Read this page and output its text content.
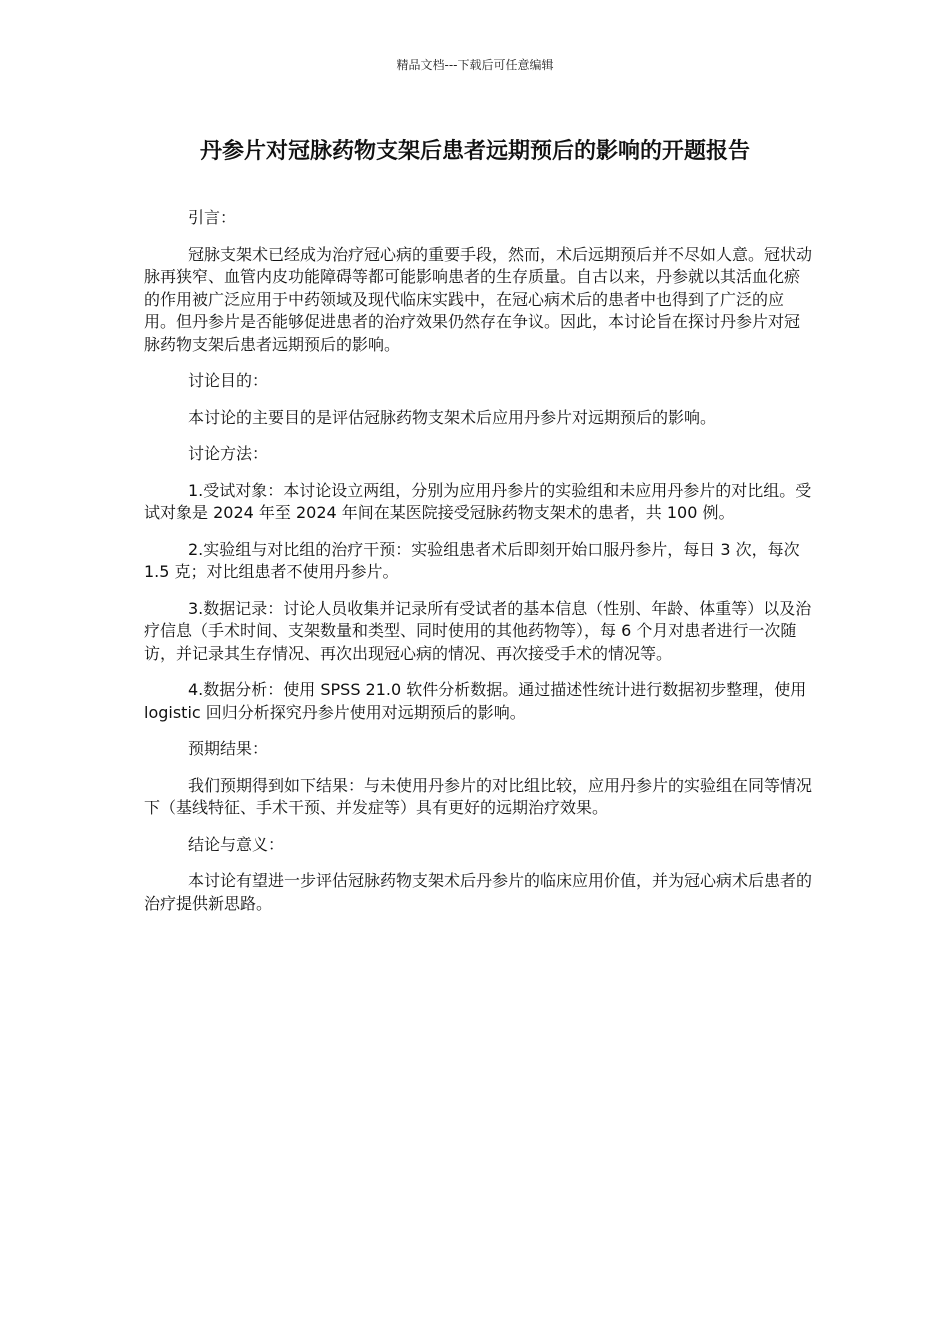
精品文档---下载后可任意编辑
丹参片对冠脉药物支架后患者远期预后的影响的开题报告

引言：

冠脉支架术已经成为治疗冠心病的重要手段，然而，术后远期预后并不尽如人意。冠状动脉再狭窄、血管内皮功能障碍等都可能影响患者的生存质量。自古以来，丹参就以其活血化瘀的作用被广泛应用于中药领域及现代临床实践中，在冠心病术后的患者中也得到了广泛的应用。但丹参片是否能够促进患者的治疗效果仍然存在争议。因此，本讨论旨在探讨丹参片对冠脉药物支架后患者远期预后的影响。

讨论目的：

本讨论的主要目的是评估冠脉药物支架术后应用丹参片对远期预后的影响。

讨论方法：

1.受试对象：本讨论设立两组，分别为应用丹参片的实验组和未应用丹参片的对比组。受试对象是 2024 年至 2024 年间在某医院接受冠脉药物支架术的患者，共 100 例。

2.实验组与对比组的治疗干预：实验组患者术后即刻开始口服丹参片，每日 3 次，每次 1.5 克；对比组患者不使用丹参片。

3.数据记录：讨论人员收集并记录所有受试者的基本信息（性别、年龄、体重等）以及治疗信息（手术时间、支架数量和类型、同时使用的其他药物等），每 6 个月对患者进行一次随访，并记录其生存情况、再次出现冠心病的情况、再次接受手术的情况等。

4.数据分析：使用 SPSS 21.0 软件分析数据。通过描述性统计进行数据初步整理，使用 logistic 回归分析探究丹参片使用对远期预后的影响。

预期结果：

我们预期得到如下结果：与未使用丹参片的对比组比较，应用丹参片的实验组在同等情况下（基线特征、手术干预、并发症等）具有更好的远期治疗效果。

结论与意义：

本讨论有望进一步评估冠脉药物支架术后丹参片的临床应用价值，并为冠心病术后患者的治疗提供新思路。
